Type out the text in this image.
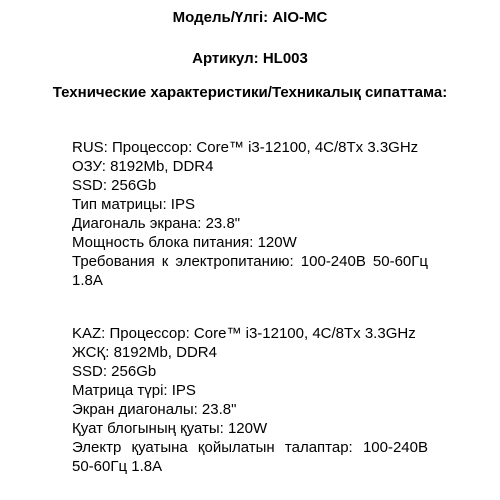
Модель/Үлгі: AIO-MC

Артикул: HL003

Технические характеристики/Техникалық сипаттама:

RUS: Процессор: Core™ i3-12100, 4C/8Tx 3.3GHz

ОЗУ: 8192Mb, DDR4

SSD: 256Gb

Тип матрицы: IPS

Диагональ экрана: 23.8"

Мощность блока питания: 120W

Требования к электропитанию: 100-240В 50-60Гц 1.8А

KAZ: Процессор: Core™ i3-12100, 4C/8Tx 3.3GHz

ЖСҚ: 8192Mb, DDR4

SSD: 256Gb

Матрица түрі: IPS

Экран диагоналы: 23.8"

Қуат блогының қуаты: 120W

Электр қуатына қойылатын талаптар: 100-240В 50-60Гц 1.8А
